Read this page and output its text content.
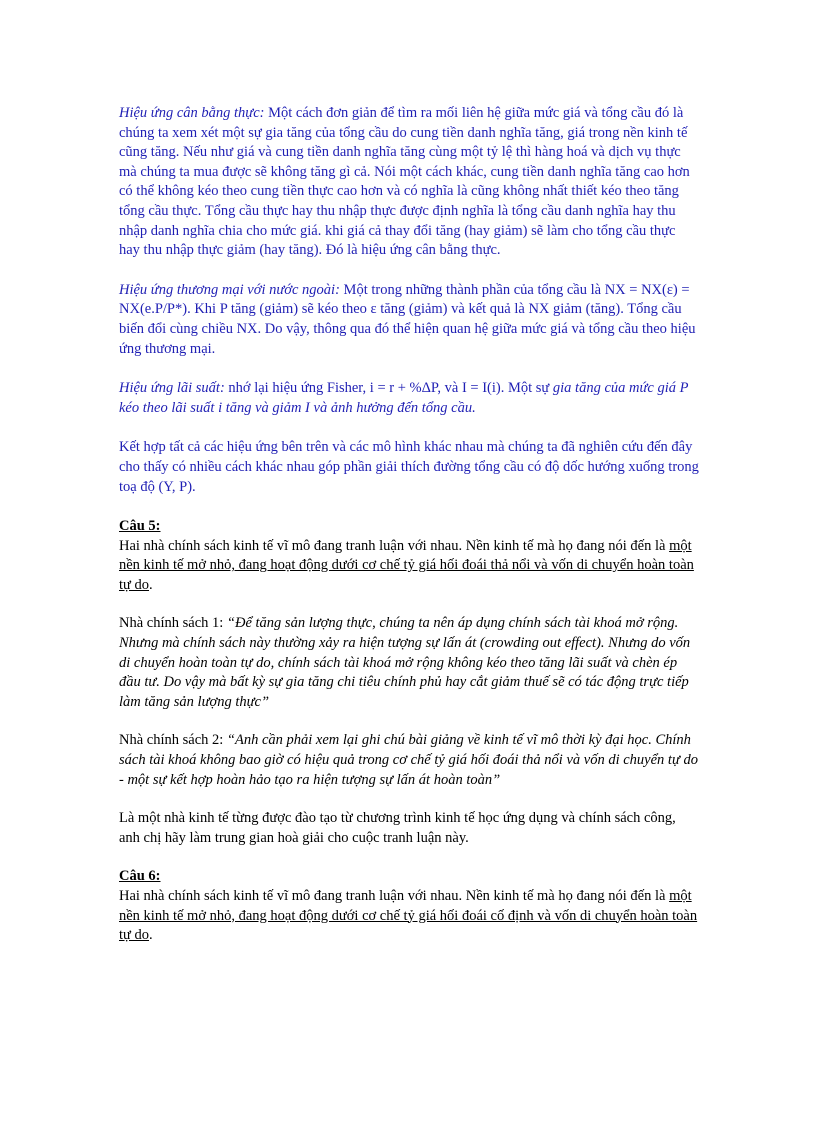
Hiệu ứng cân bằng thực: Một cách đơn giản để tìm ra mối liên hệ giữa mức giá và tổng cầu đó là chúng ta xem xét một sự gia tăng của tổng cầu do cung tiền danh nghĩa tăng, giá trong nền kinh tế cũng tăng. Nếu như giá và cung tiền danh nghĩa tăng cùng một tỷ lệ thì hàng hoá và dịch vụ thực mà chúng ta mua được sẽ không tăng gì cả. Nói một cách khác, cung tiền danh nghĩa tăng cao hơn có thể không kéo theo cung tiền thực cao hơn và có nghĩa là cũng không nhất thiết kéo theo tăng tổng cầu thực. Tổng cầu thực hay thu nhập thực được định nghĩa là tổng cầu danh nghĩa hay thu nhập danh nghĩa chia cho mức giá. khi giá cả thay đổi tăng (hay giảm) sẽ làm cho tổng cầu thực hay thu nhập thực giảm (hay tăng). Đó là hiệu ứng cân bằng thực.

Hiệu ứng thương mại với nước ngoài: Một trong những thành phần của tổng cầu là NX = NX(ε) = NX(e.P/P*). Khi P tăng (giảm) sẽ kéo theo ε tăng (giảm) và kết quả là NX giảm (tăng). Tổng cầu biến đổi cùng chiều NX. Do vậy, thông qua đó thể hiện quan hệ giữa mức giá và tổng cầu theo hiệu ứng thương mại.

Hiệu ứng lãi suất: nhớ lại hiệu ứng Fisher, i = r + %ΔP, và I = I(i). Một sự gia tăng của mức giá P kéo theo lãi suất i tăng và giảm I và ảnh hưởng đến tổng cầu.

Kết hợp tất cả các hiệu ứng bên trên và các mô hình khác nhau mà chúng ta đã nghiên cứu đến đây cho thấy có nhiều cách khác nhau góp phần giải thích đường tổng cầu có độ dốc hướng xuống trong toạ độ (Y, P).

Câu 5:

Hai nhà chính sách kinh tế vĩ mô đang tranh luận với nhau. Nền kinh tế mà họ đang nói đến là một nền kinh tế mở nhỏ, đang hoạt động dưới cơ chế tỷ giá hối đoái thả nổi và vốn di chuyển hoàn toàn tự do.

Nhà chính sách 1: “Để tăng sản lượng thực, chúng ta nên áp dụng chính sách tài khoá mở rộng. Nhưng mà chính sách này thường xảy ra hiện tượng sự lấn át (crowding out effect). Nhưng do vốn di chuyển hoàn toàn tự do, chính sách tài khoá mở rộng không kéo theo tăng lãi suất và chèn ép đầu tư. Do vậy mà bất kỳ sự gia tăng chi tiêu chính phủ hay cắt giảm thuế sẽ có tác động trực tiếp làm tăng sản lượng thực”

Nhà chính sách 2: “Anh cần phải xem lại ghi chú bài giảng về kinh tế vĩ mô thời kỳ đại học. Chính sách tài khoá không bao giờ có hiệu quả trong cơ chế tỷ giá hối đoái thả nổi và vốn di chuyển tự do - một sự kết hợp hoàn hảo tạo ra hiện tượng sự lấn át hoàn toàn”

Là một nhà kinh tế từng được đào tạo từ chương trình kinh tế học ứng dụng và chính sách công, anh chị hãy làm trung gian hoà giải cho cuộc tranh luận này.

Câu 6:

Hai nhà chính sách kinh tế vĩ mô đang tranh luận với nhau. Nền kinh tế mà họ đang nói đến là một nền kinh tế mở nhỏ, đang hoạt động dưới cơ chế tỷ giá hối đoái cố định và vốn di chuyển hoàn toàn tự do.
